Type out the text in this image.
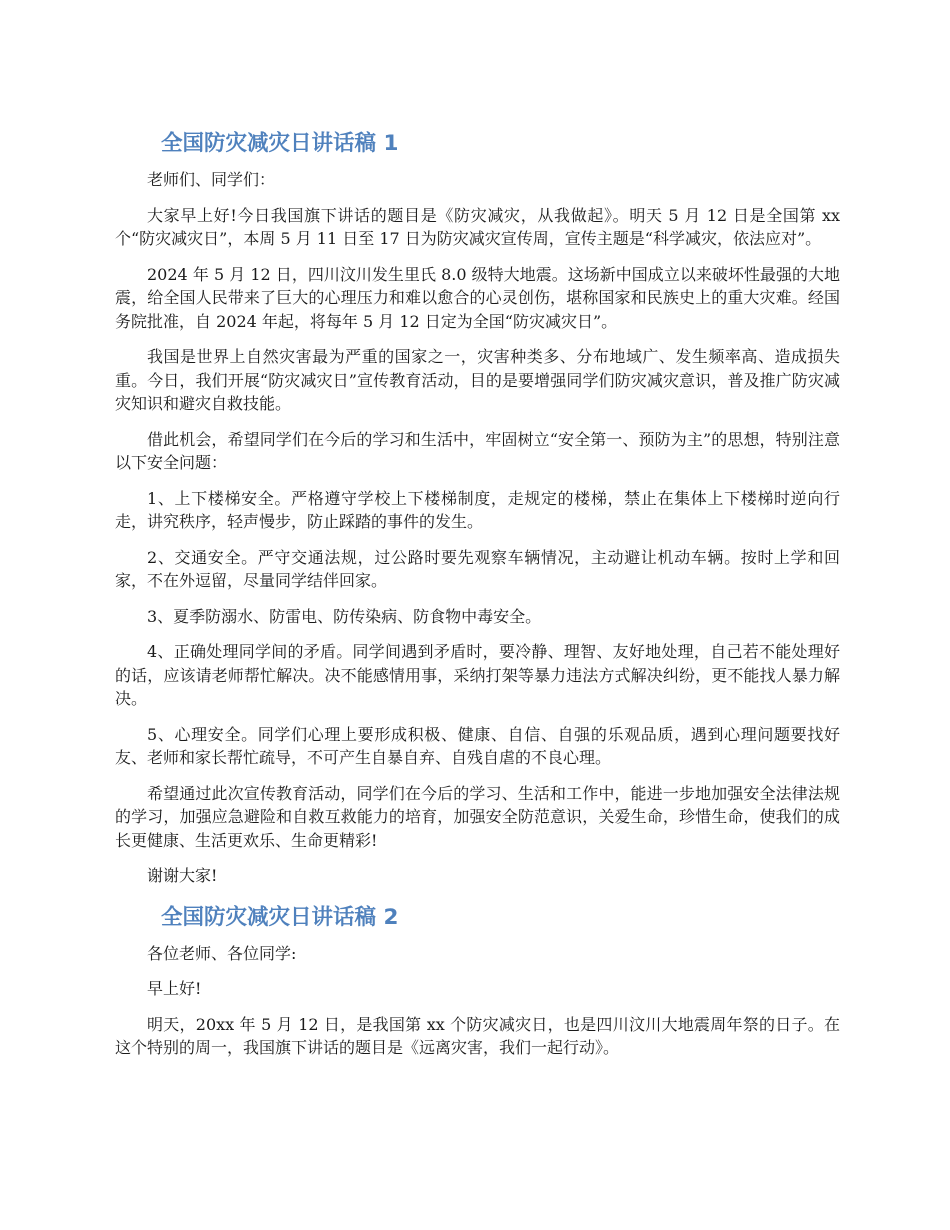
全国防灾减灾日讲话稿 1

老师们、同学们：

大家早上好!今日我国旗下讲话的题目是《防灾减灾，从我做起》。明天 5 月 12 日是全国第 xx 个“防灾减灾日”，本周 5 月 11 日至 17 日为防灾减灾宣传周，宣传主题是“科学减灾，依法应对”。

2024 年 5 月 12 日，四川汶川发生里氏 8.0 级特大地震。这场新中国成立以来破坏性最强的大地震，给全国人民带来了巨大的心理压力和难以愈合的心灵创伤，堪称国家和民族史上的重大灾难。经国务院批准，自 2024 年起，将每年 5 月 12 日定为全国“防灾减灾日”。

我国是世界上自然灾害最为严重的国家之一，灾害种类多、分布地域广、发生频率高、造成损失重。今日，我们开展“防灾减灾日”宣传教育活动，目的是要增强同学们防灾减灾意识，普及推广防灾减灾知识和避灾自救技能。

借此机会，希望同学们在今后的学习和生活中，牢固树立“安全第一、预防为主”的思想，特别注意以下安全问题：

1、上下楼梯安全。严格遵守学校上下楼梯制度，走规定的楼梯，禁止在集体上下楼梯时逆向行走，讲究秩序，轻声慢步，防止踩踏的事件的发生。

2、交通安全。严守交通法规，过公路时要先观察车辆情况，主动避让机动车辆。按时上学和回家，不在外逗留，尽量同学结伴回家。

3、夏季防溺水、防雷电、防传染病、防食物中毒安全。

4、正确处理同学间的矛盾。同学间遇到矛盾时，要冷静、理智、友好地处理，自己若不能处理好的话，应该请老师帮忙解决。决不能感情用事，采纳打架等暴力违法方式解决纠纷，更不能找人暴力解决。

5、心理安全。同学们心理上要形成积极、健康、自信、自强的乐观品质，遇到心理问题要找好友、老师和家长帮忙疏导，不可产生自暴自弃、自残自虐的不良心理。

希望通过此次宣传教育活动，同学们在今后的学习、生活和工作中，能进一步地加强安全法律法规的学习，加强应急避险和自救互救能力的培育，加强安全防范意识，关爱生命，珍惜生命，使我们的成长更健康、生活更欢乐、生命更精彩!

谢谢大家!

全国防灾减灾日讲话稿 2

各位老师、各位同学:

早上好!

明天，20xx 年 5 月 12 日，是我国第 xx 个防灾减灾日，也是四川汶川大地震周年祭的日子。在这个特别的周一，我国旗下讲话的题目是《远离灾害，我们一起行动》。
